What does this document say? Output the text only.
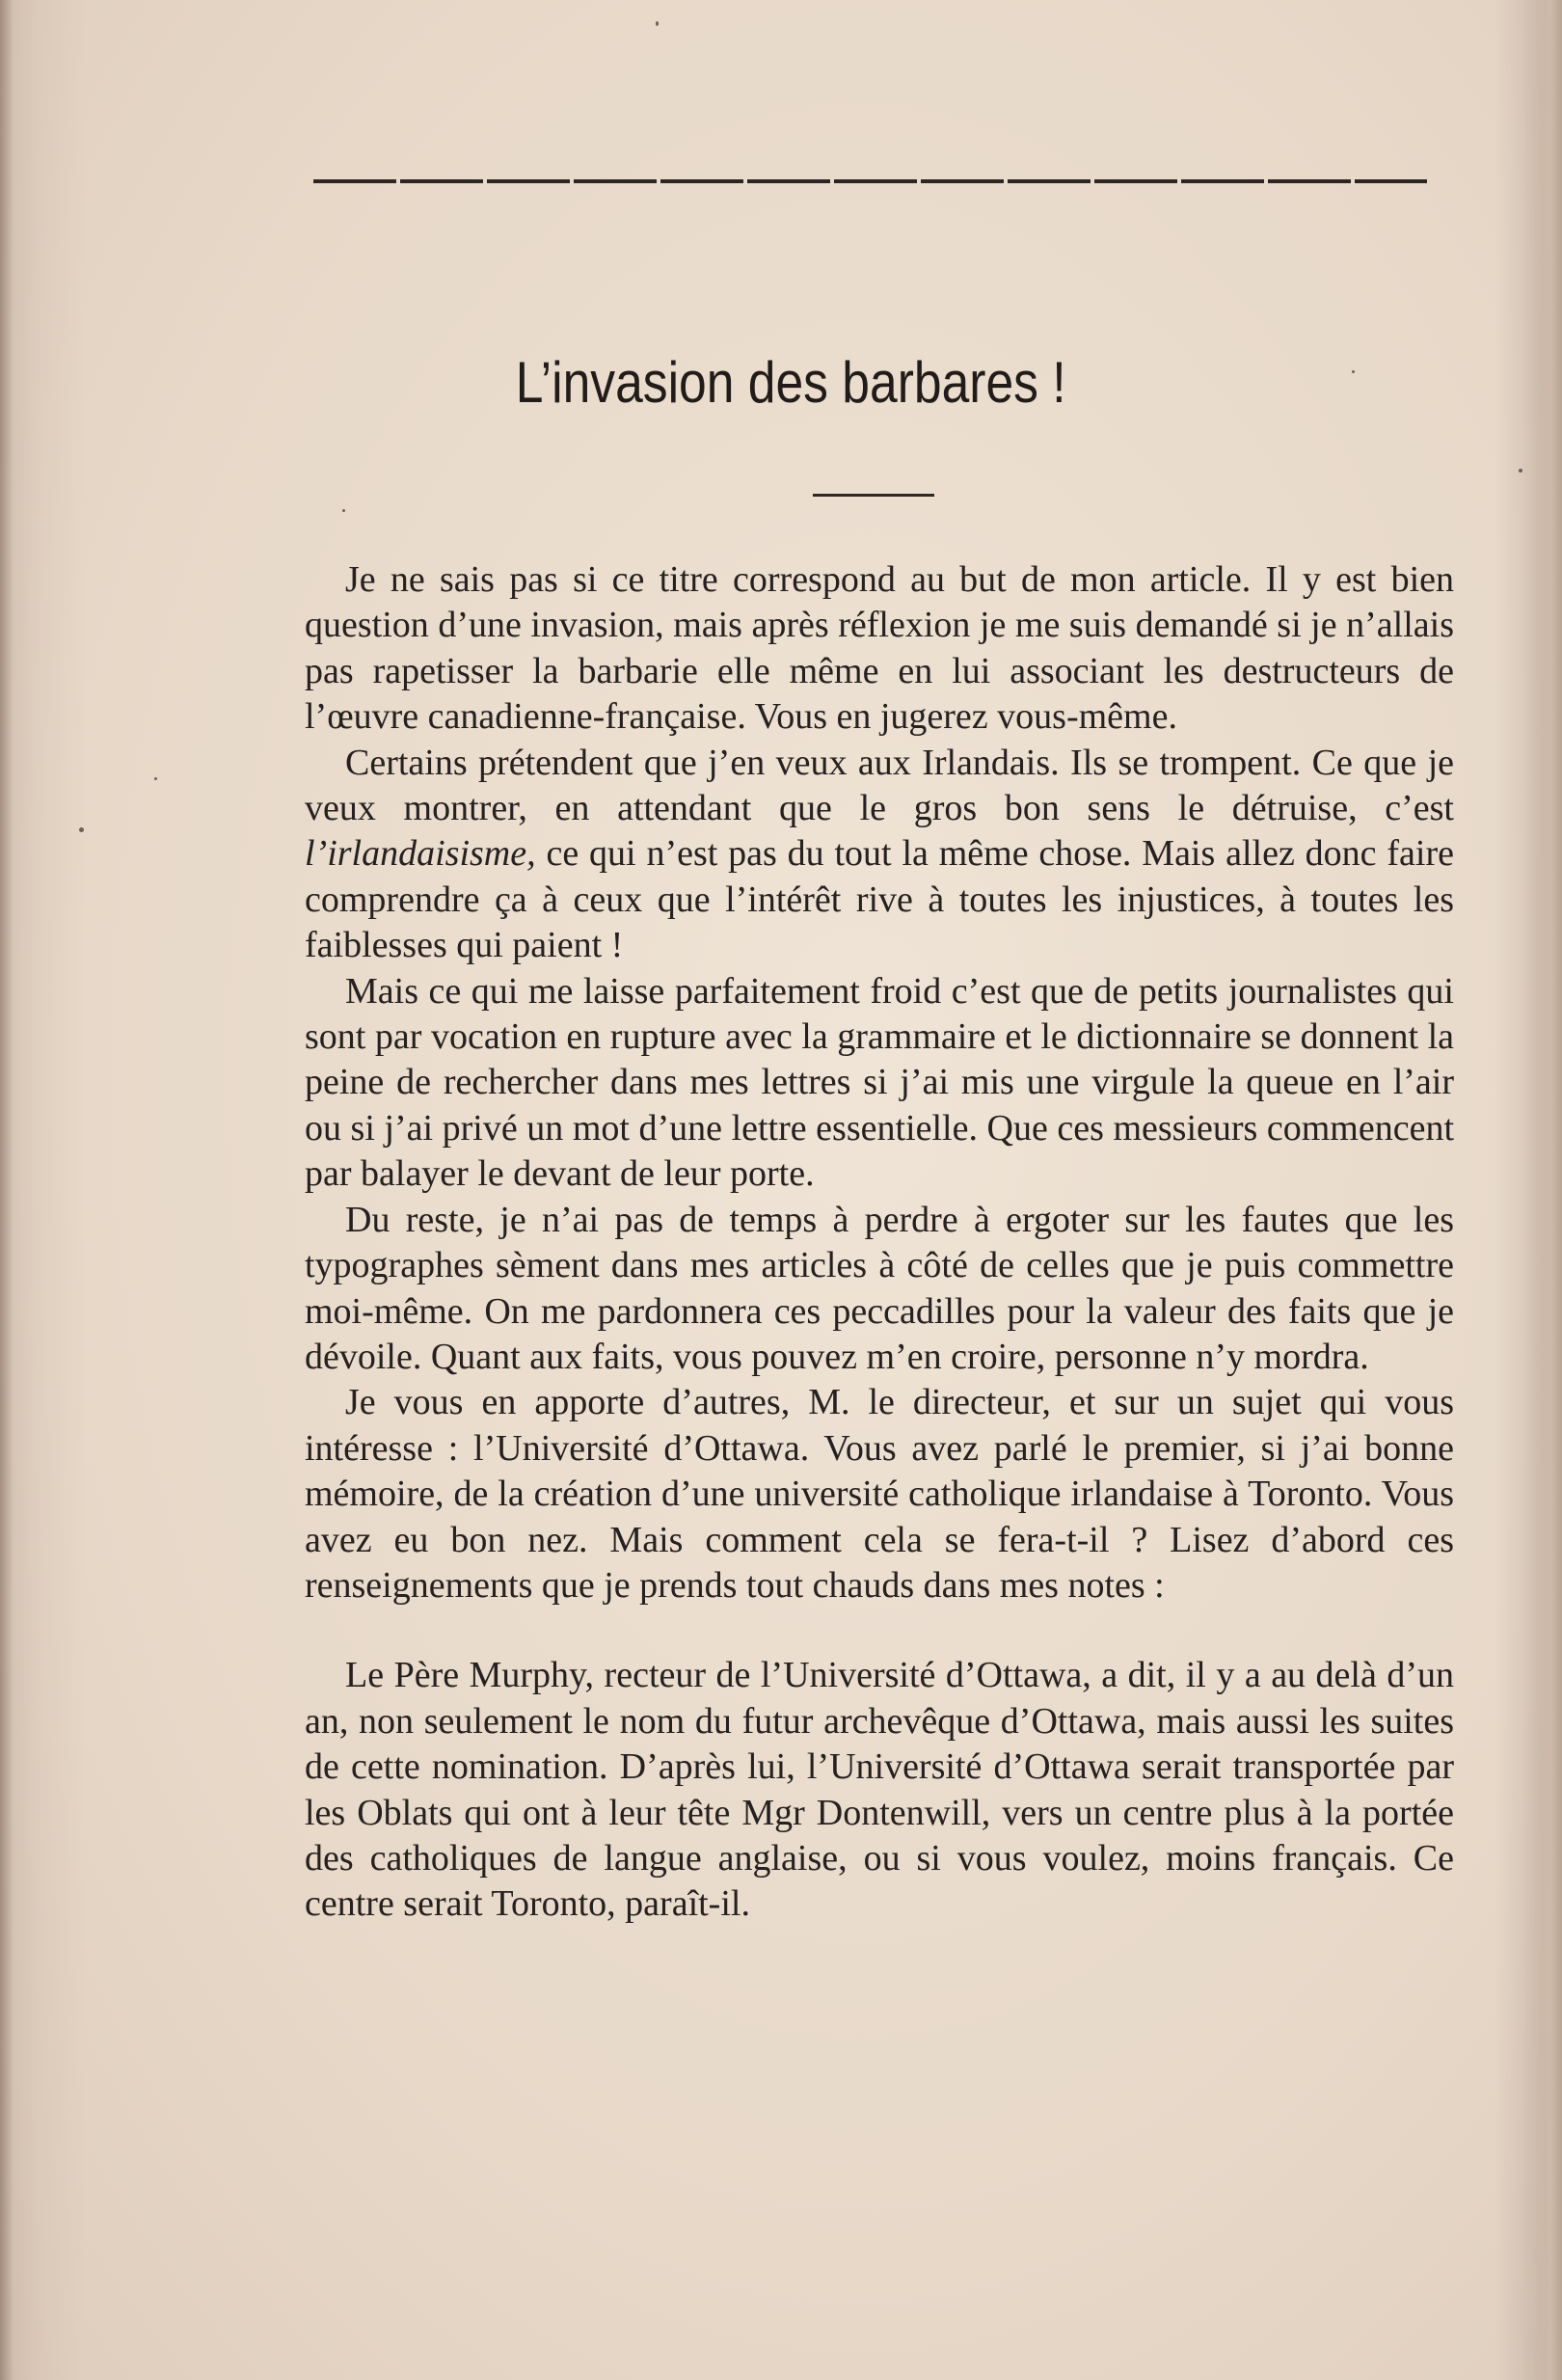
L’invasion des barbares !

Je ne sais pas si ce titre correspond au but de mon article. Il y est bien question d’une invasion, mais après réflexion je me suis demandé si je n’allais pas rapetisser la barbarie elle même en lui associant les destructeurs de l’œuvre canadienne-française. Vous en jugerez vous-même.

Certains prétendent que j’en veux aux Irlandais. Ils se trompent. Ce que je veux montrer, en attendant que le gros bon sens le détruise, c’est l’irlandaisisme, ce qui n’est pas du tout la même chose. Mais allez donc faire comprendre ça à ceux que l’intérêt rive à toutes les injustices, à toutes les faiblesses qui paient !

Mais ce qui me laisse parfaitement froid c’est que de petits journalistes qui sont par vocation en rupture avec la grammaire et le dictionnaire se donnent la peine de rechercher dans mes lettres si j’ai mis une virgule la queue en l’air ou si j’ai privé un mot d’une lettre essentielle. Que ces messieurs commencent par balayer le devant de leur porte.

Du reste, je n’ai pas de temps à perdre à ergoter sur les fautes que les typographes sèment dans mes articles à côté de celles que je puis commettre moi-même. On me pardonnera ces peccadilles pour la valeur des faits que je dévoile. Quant aux faits, vous pouvez m’en croire, personne n’y mordra.

Je vous en apporte d’autres, M. le directeur, et sur un sujet qui vous intéresse : l’Université d’Ottawa. Vous avez parlé le premier, si j’ai bonne mémoire, de la création d’une université catholique irlandaise à Toronto. Vous avez eu bon nez. Mais comment cela se fera-t-il ? Lisez d’abord ces renseignements que je prends tout chauds dans mes notes :

Le Père Murphy, recteur de l’Université d’Ottawa, a dit, il y a au delà d’un an, non seulement le nom du futur archevêque d’Ottawa, mais aussi les suites de cette nomination. D’après lui, l’Université d’Ottawa serait transportée par les Oblats qui ont à leur tête Mgr Dontenwill, vers un centre plus à la portée des catholiques de langue anglaise, ou si vous voulez, moins français. Ce centre serait Toronto, paraît-il.
